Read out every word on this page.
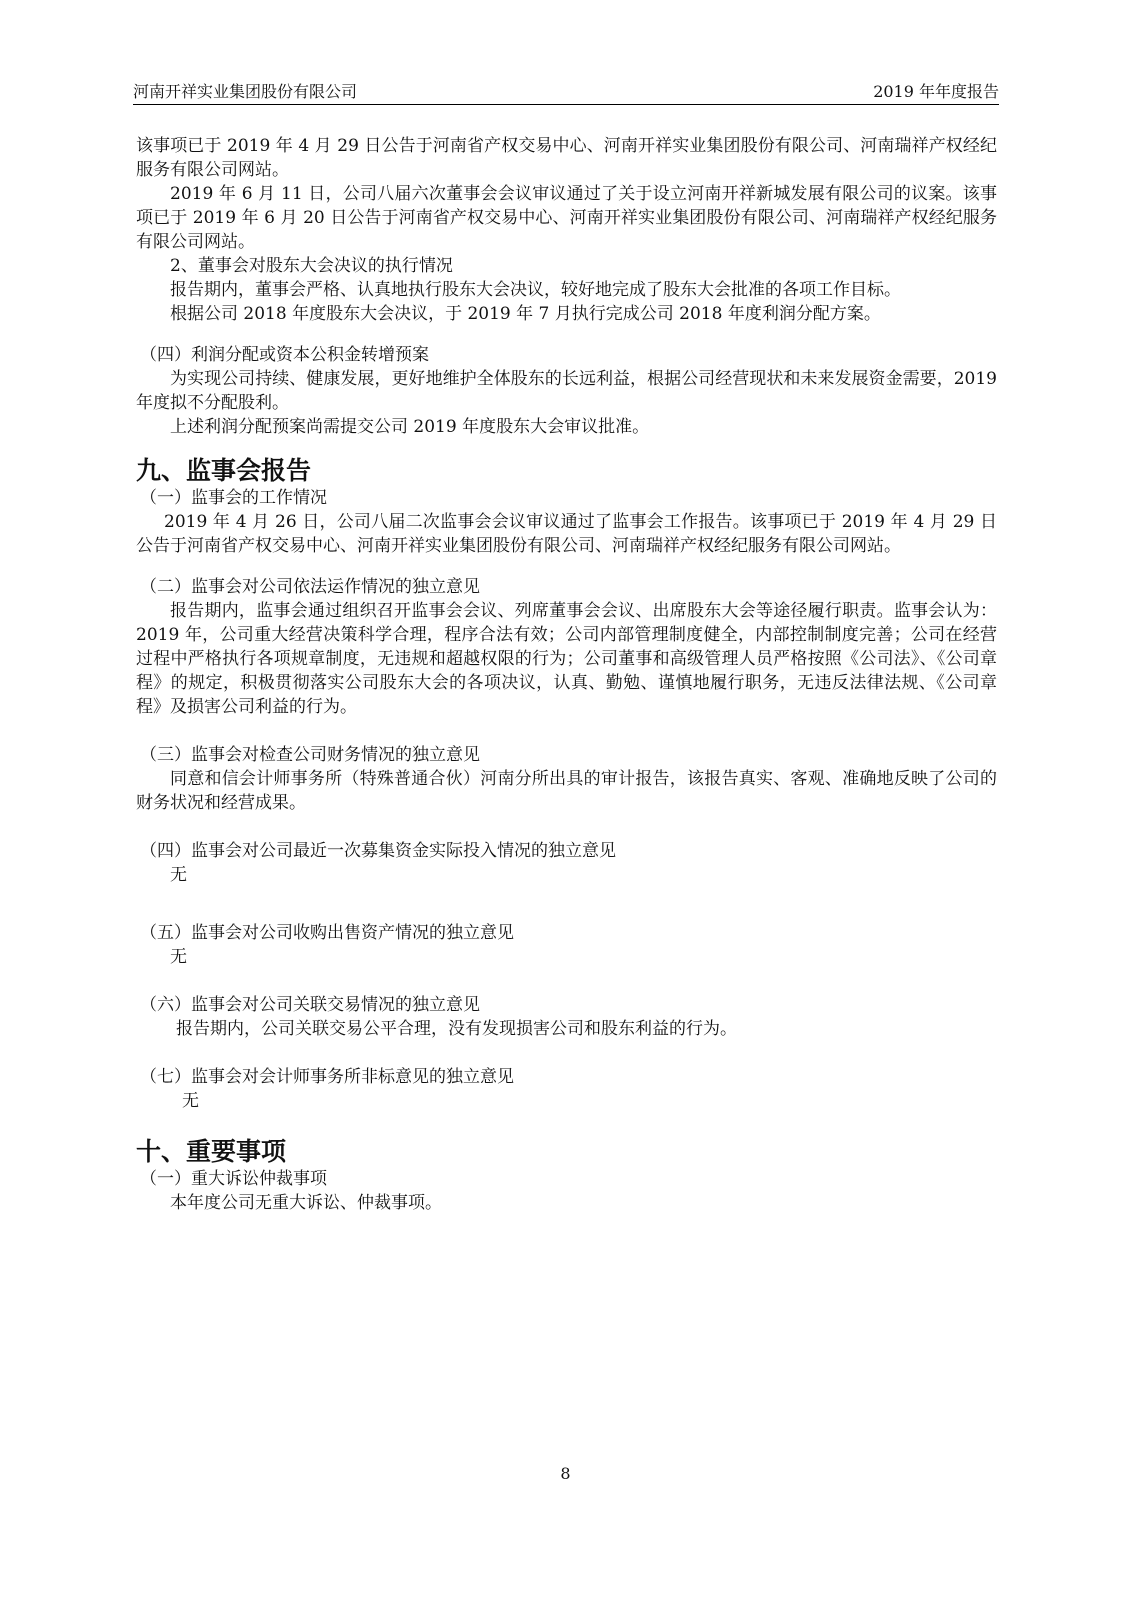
河南开祥实业集团股份有限公司	2019 年年度报告
该事项已于 2019 年 4 月 29 日公告于河南省产权交易中心、河南开祥实业集团股份有限公司、河南瑞祥产权经纪服务有限公司网站。
2019 年 6 月 11 日，公司八届六次董事会会议审议通过了关于设立河南开祥新城发展有限公司的议案。该事项已于 2019 年 6 月 20 日公告于河南省产权交易中心、河南开祥实业集团股份有限公司、河南瑞祥产权经纪服务有限公司网站。
2、董事会对股东大会决议的执行情况
报告期内，董事会严格、认真地执行股东大会决议，较好地完成了股东大会批准的各项工作目标。
根据公司 2018 年度股东大会决议，于 2019 年 7 月执行完成公司 2018 年度利润分配方案。
（四）利润分配或资本公积金转增预案
为实现公司持续、健康发展，更好地维护全体股东的长远利益，根据公司经营现状和未来发展资金需要，2019 年度拟不分配股利。
上述利润分配预案尚需提交公司 2019 年度股东大会审议批准。
九、监事会报告
（一）监事会的工作情况
2019 年 4 月 26 日，公司八届二次监事会会议审议通过了监事会工作报告。该事项已于 2019 年 4 月 29 日公告于河南省产权交易中心、河南开祥实业集团股份有限公司、河南瑞祥产权经纪服务有限公司网站。
（二）监事会对公司依法运作情况的独立意见
报告期内，监事会通过组织召开监事会会议、列席董事会会议、出席股东大会等途径履行职责。监事会认为：2019 年，公司重大经营决策科学合理，程序合法有效；公司内部管理制度健全，内部控制制度完善；公司在经营过程中严格执行各项规章制度，无违规和超越权限的行为；公司董事和高级管理人员严格按照《公司法》、《公司章程》的规定，积极贯彻落实公司股东大会的各项决议，认真、勤勉、谨慎地履行职务，无违反法律法规、《公司章程》及损害公司利益的行为。
（三）监事会对检查公司财务情况的独立意见
同意和信会计师事务所（特殊普通合伙）河南分所出具的审计报告，该报告真实、客观、准确地反映了公司的财务状况和经营成果。
（四）监事会对公司最近一次募集资金实际投入情况的独立意见
无
（五）监事会对公司收购出售资产情况的独立意见
无
（六）监事会对公司关联交易情况的独立意见
报告期内，公司关联交易公平合理，没有发现损害公司和股东利益的行为。
（七）监事会对会计师事务所非标意见的独立意见
无
十、重要事项
（一）重大诉讼仲裁事项
本年度公司无重大诉讼、仲裁事项。
8
